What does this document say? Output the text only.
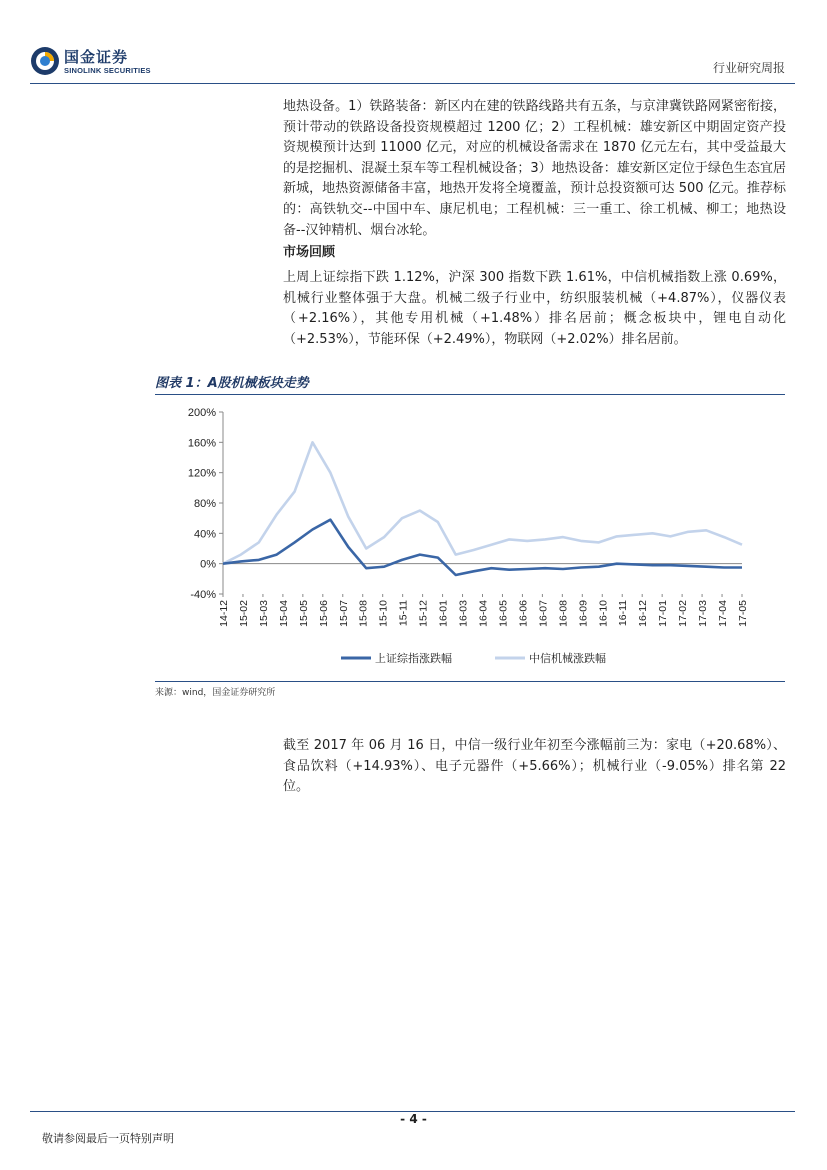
国金证券
SINOLINK SECURITIES	行业研究周报

地热设备。1）铁路装备：新区内在建的铁路线路共有五条，与京津冀铁路网紧密衔接，预计带动的铁路设备投资规模超过 1200 亿；2）工程机械：雄安新区中期固定资产投资规模预计达到 11000 亿元，对应的机械设备需求在 1870 亿元左右，其中受益最大的是挖掘机、混凝土泵车等工程机械设备；3）地热设备：雄安新区定位于绿色生态宜居新城，地热资源储备丰富，地热开发将全境覆盖，预计总投资额可达 500 亿元。推荐标的：高铁轨交--中国中车、康尼机电；工程机械：三一重工、徐工机械、柳工；地热设备--汉钟精机、烟台冰轮。

市场回顾

上周上证综指下跌 1.12%，沪深 300 指数下跌 1.61%，中信机械指数上涨 0.69%，机械行业整体强于大盘。机械二级子行业中，纺织服装机械（+4.87%），仪器仪表（+2.16%），其他专用机械（+1.48%）排名居前；概念板块中，锂电自动化（+2.53%），节能环保（+2.49%），物联网（+2.02%）排名居前。

图表 1：A股机械板块走势
200%
160%
120%
80%
40%
0%
-40%
14-12 15-02 15-03 15-04 15-05 15-06 15-07 15-08 15-10 15-11 15-12 16-01 16-03 16-04 16-05 16-06 16-07 16-08 16-09 16-10 16-11 16-12 17-01 17-02 17-03 17-04 17-05
上证综指涨跌幅	中信机械涨跌幅
来源：wind，国金证券研究所

截至 2017 年 06 月 16 日，中信一级行业年初至今涨幅前三为：家电（+20.68%）、食品饮料（+14.93%）、电子元器件（+5.66%）；机械行业（-9.05%）排名第 22 位。

- 4 -
敬请参阅最后一页特别声明
